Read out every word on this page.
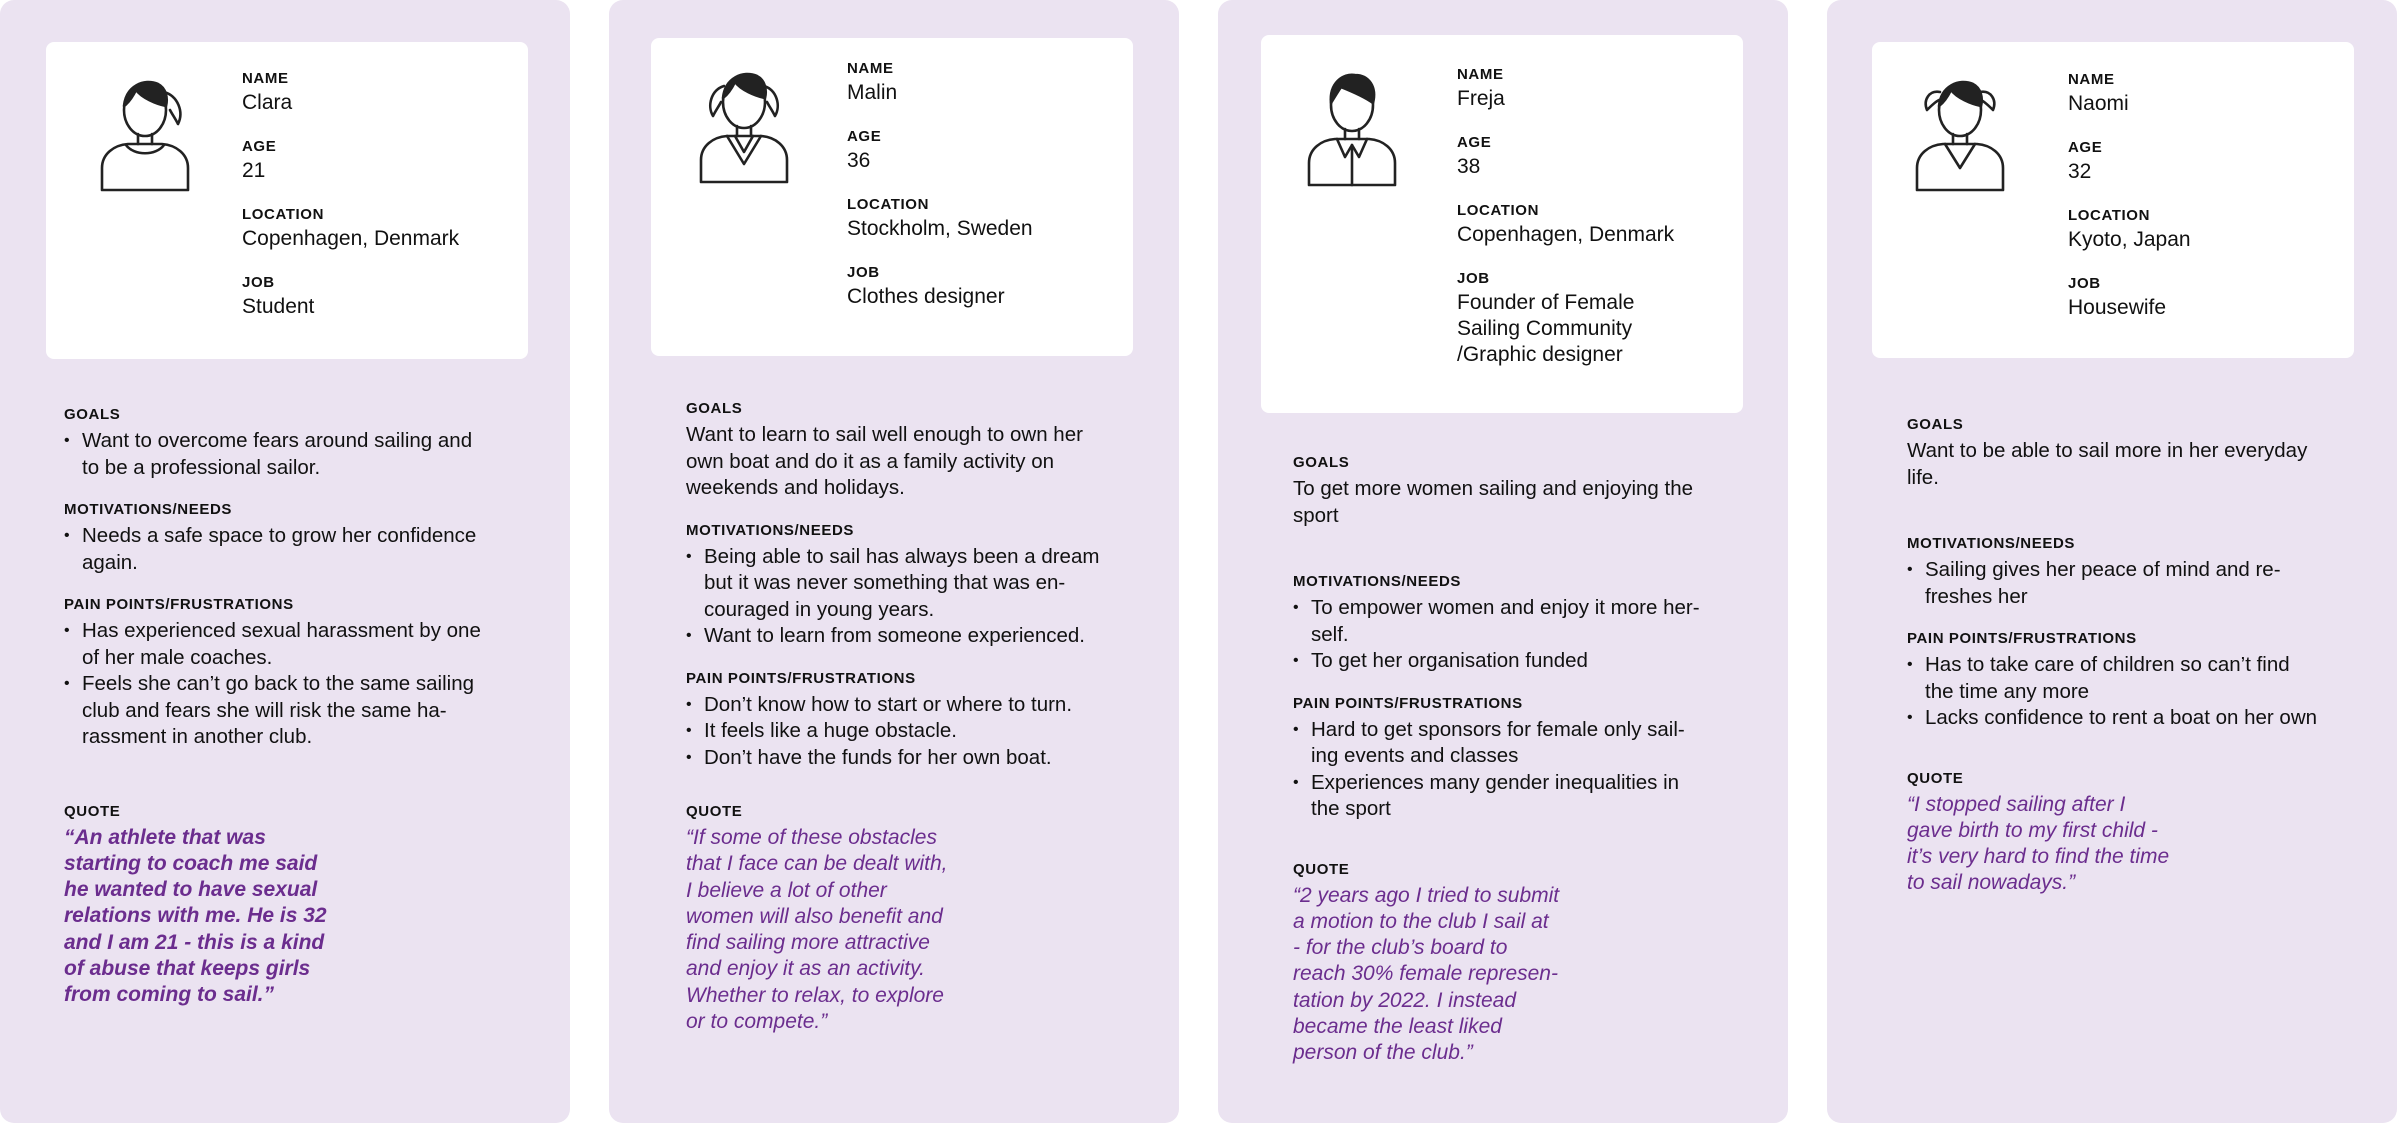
NAME
Clara
AGE
21
LOCATION
Copenhagen, Denmark
JOB
Student
GOALS
• Want to overcome fears around sailing and
to be a professional sailor.
MOTIVATIONS/NEEDS
• Needs a safe space to grow her confidence
again.
PAIN POINTS/FRUSTRATIONS
• Has experienced sexual harassment by one
of her male coaches.
• Feels she can’t go back to the same sailing
club and fears she will risk the same ha-
rassment in another club.
QUOTE
“An athlete that was
starting to coach me said
he wanted to have sexual
relations with me. He is 32
and I am 21 - this is a kind
of abuse that keeps girls
from coming to sail.”
NAME
Malin
AGE
36
LOCATION
Stockholm, Sweden
JOB
Clothes designer
GOALS
Want to learn to sail well enough to own her
own boat and do it as a family activity on
weekends and holidays.
MOTIVATIONS/NEEDS
• Being able to sail has always been a dream
but it was never something that was en-
couraged in young years.
• Want to learn from someone experienced.
PAIN POINTS/FRUSTRATIONS
• Don’t know how to start or where to turn.
• It feels like a huge obstacle.
• Don’t have the funds for her own boat.
QUOTE
“If some of these obstacles
that I face can be dealt with,
I believe a lot of other
women will also benefit and
find sailing more attractive
and enjoy it as an activity.
Whether to relax, to explore
or to compete.”
NAME
Freja
AGE
38
LOCATION
Copenhagen, Denmark
JOB
Founder of Female
Sailing Community
/Graphic designer
GOALS
To get more women sailing and enjoying the
sport
MOTIVATIONS/NEEDS
• To empower women and enjoy it more her-
self.
• To get her organisation funded
PAIN POINTS/FRUSTRATIONS
• Hard to get sponsors for female only sail-
ing events and classes
• Experiences many gender inequalities in
the sport
QUOTE
“2 years ago I tried to submit
a motion to the club I sail at
- for the club’s board to
reach 30% female represen-
tation by 2022. I instead
became the least liked
person of the club.”
NAME
Naomi
AGE
32
LOCATION
Kyoto, Japan
JOB
Housewife
GOALS
Want to be able to sail more in her everyday
life.
MOTIVATIONS/NEEDS
• Sailing gives her peace of mind and re-
freshes her
PAIN POINTS/FRUSTRATIONS
• Has to take care of children so can’t find
the time any more
• Lacks confidence to rent a boat on her own
QUOTE
“I stopped sailing after I
gave birth to my first child -
it’s very hard to find the time
to sail nowadays.”
